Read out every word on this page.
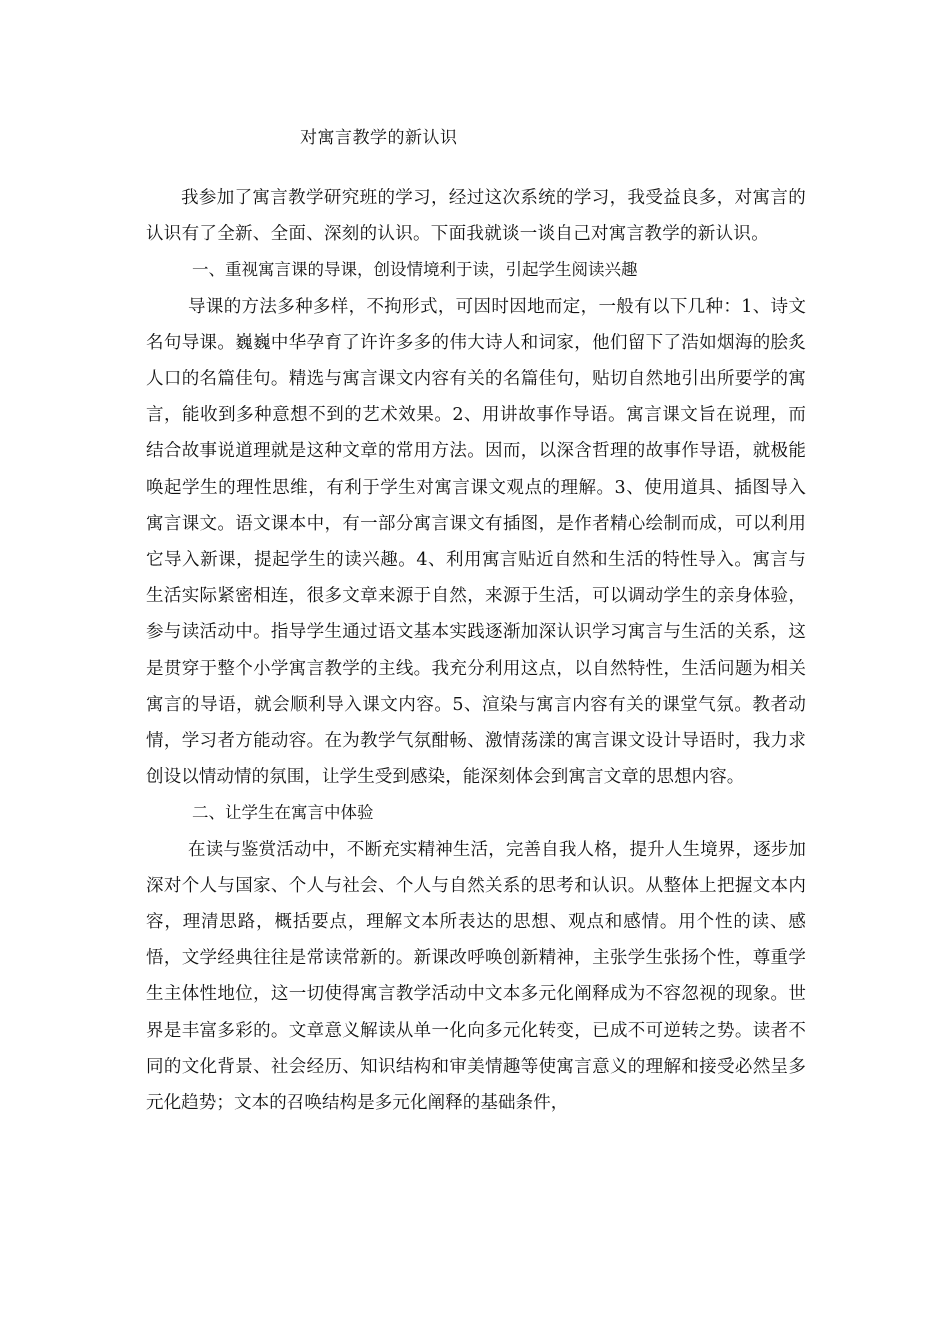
对寓言教学的新认识

我参加了寓言教学研究班的学习，经过这次系统的学习，我受益良多，对寓言的认识有了全新、全面、深刻的认识。下面我就谈一谈自己对寓言教学的新认识。

一、重视寓言课的导课，创设情境利于读，引起学生阅读兴趣

导课的方法多种多样，不拘形式，可因时因地而定，一般有以下几种：1、诗文名句导课。巍巍中华孕育了许许多多的伟大诗人和词家，他们留下了浩如烟海的脍炙人口的名篇佳句。精选与寓言课文内容有关的名篇佳句，贴切自然地引出所要学的寓言，能收到多种意想不到的艺术效果。2、用讲故事作导语。寓言课文旨在说理，而结合故事说道理就是这种文章的常用方法。因而，以深含哲理的故事作导语，就极能唤起学生的理性思维，有利于学生对寓言课文观点的理解。3、使用道具、插图导入寓言课文。语文课本中，有一部分寓言课文有插图，是作者精心绘制而成，可以利用它导入新课，提起学生的读兴趣。4、利用寓言贴近自然和生活的特性导入。寓言与生活实际紧密相连，很多文章来源于自然，来源于生活，可以调动学生的亲身体验，参与读活动中。指导学生通过语文基本实践逐渐加深认识学习寓言与生活的关系，这是贯穿于整个小学寓言教学的主线。我充分利用这点，以自然特性，生活问题为相关寓言的导语，就会顺利导入课文内容。5、渲染与寓言内容有关的课堂气氛。教者动情，学习者方能动容。在为教学气氛酣畅、激情荡漾的寓言课文设计导语时，我力求创设以情动情的氛围，让学生受到感染，能深刻体会到寓言文章的思想内容。

二、让学生在寓言中体验

在读与鉴赏活动中，不断充实精神生活，完善自我人格，提升人生境界，逐步加深对个人与国家、个人与社会、个人与自然关系的思考和认识。从整体上把握文本内容，理清思路，概括要点，理解文本所表达的思想、观点和感情。用个性的读、感悟，文学经典往往是常读常新的。新课改呼唤创新精神，主张学生张扬个性，尊重学生主体性地位，这一切使得寓言教学活动中文本多元化阐释成为不容忽视的现象。世界是丰富多彩的。文章意义解读从单一化向多元化转变，已成不可逆转之势。读者不同的文化背景、社会经历、知识结构和审美情趣等使寓言意义的理解和接受必然呈多元化趋势；文本的召唤结构是多元化阐释的基础条件，
